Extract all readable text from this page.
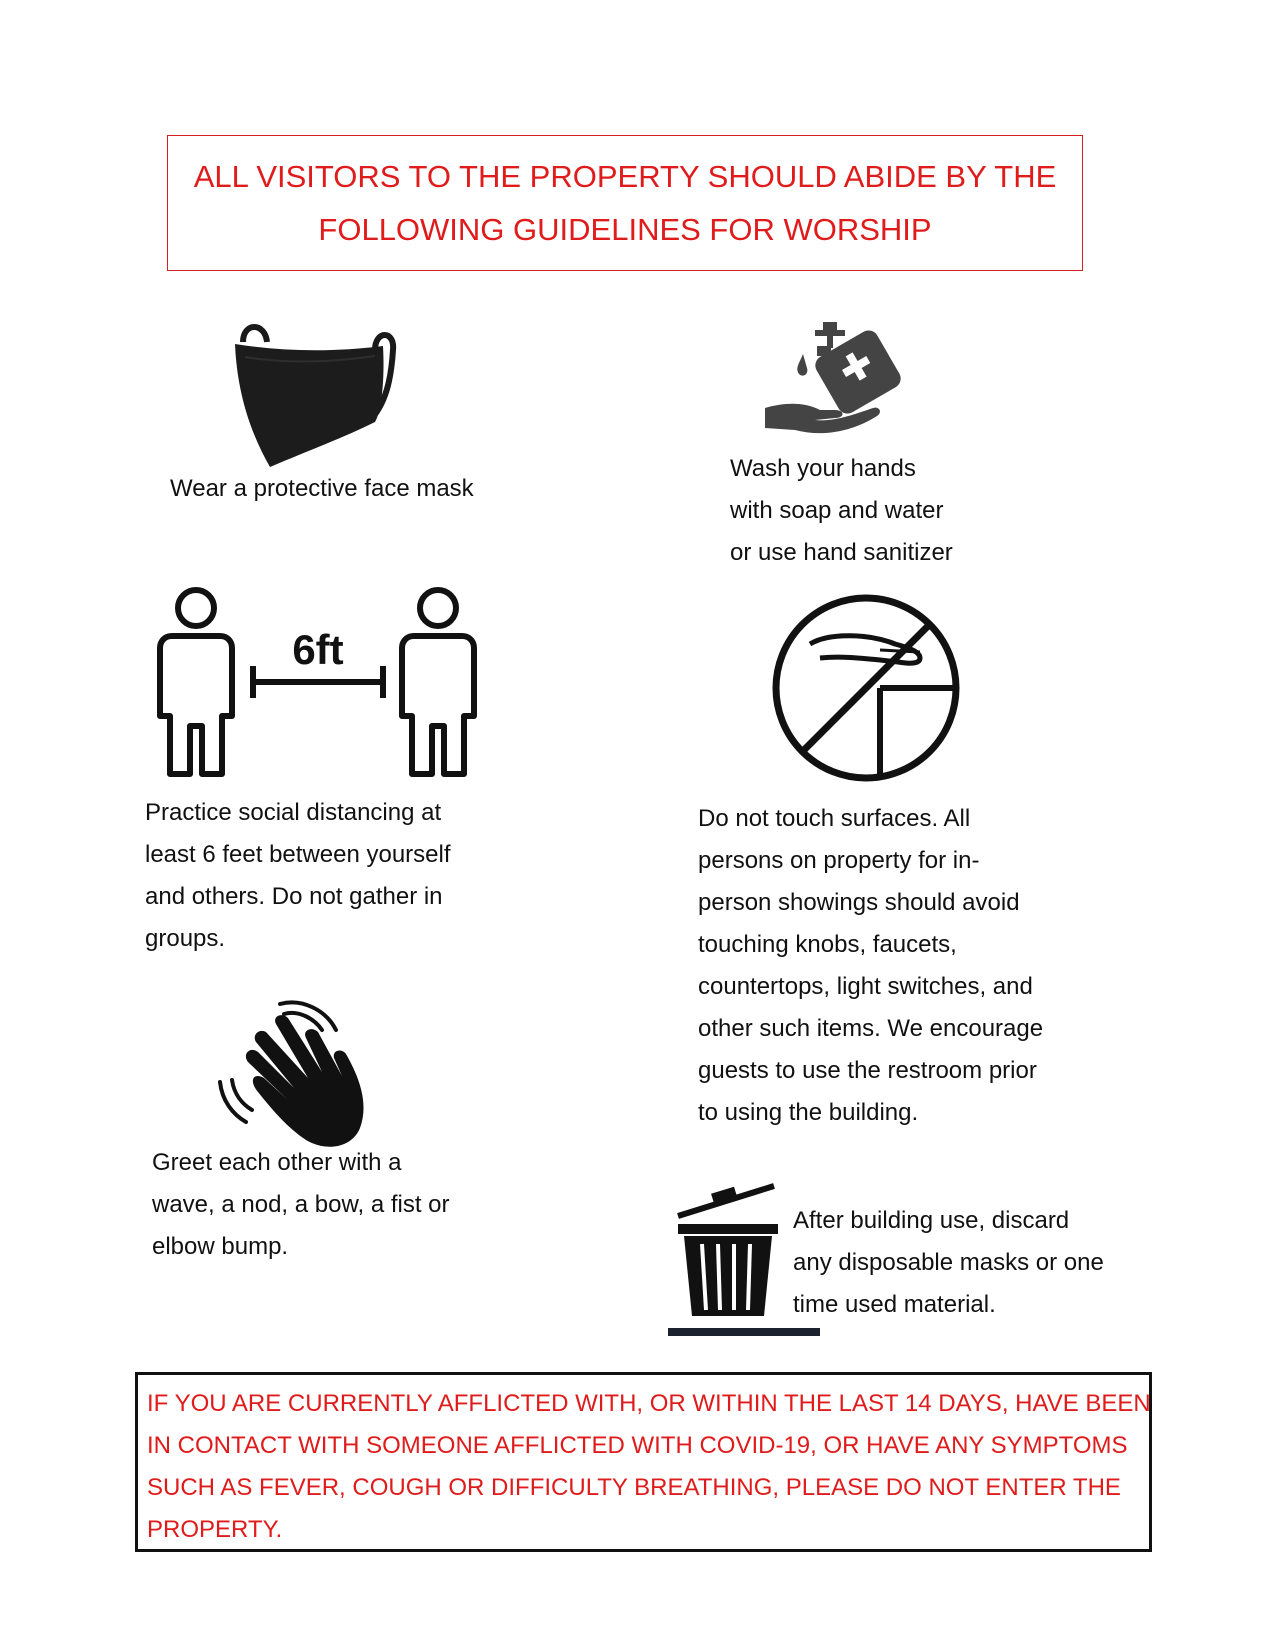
ALL VISITORS TO THE PROPERTY SHOULD ABIDE BY THE
FOLLOWING GUIDELINES FOR WORSHIP
Wear a protective face mask
Wash your hands
with soap and water
or use hand sanitizer
6ft
Practice social distancing at
least 6 feet between yourself
and others. Do not gather in
groups.
Do not touch surfaces. All
persons on property for in-
person showings should avoid
touching knobs, faucets,
countertops, light switches, and
other such items. We encourage
guests to use the restroom prior
to using the building.
Greet each other with a
wave, a nod, a bow, a fist or
elbow bump.
After building use, discard
any disposable masks or one
time used material.
IF YOU ARE CURRENTLY AFFLICTED WITH, OR WITHIN THE LAST 14 DAYS, HAVE BEEN
IN CONTACT WITH SOMEONE AFFLICTED WITH COVID-19, OR HAVE ANY SYMPTOMS
SUCH AS FEVER, COUGH OR DIFFICULTY BREATHING, PLEASE DO NOT ENTER THE
PROPERTY.
